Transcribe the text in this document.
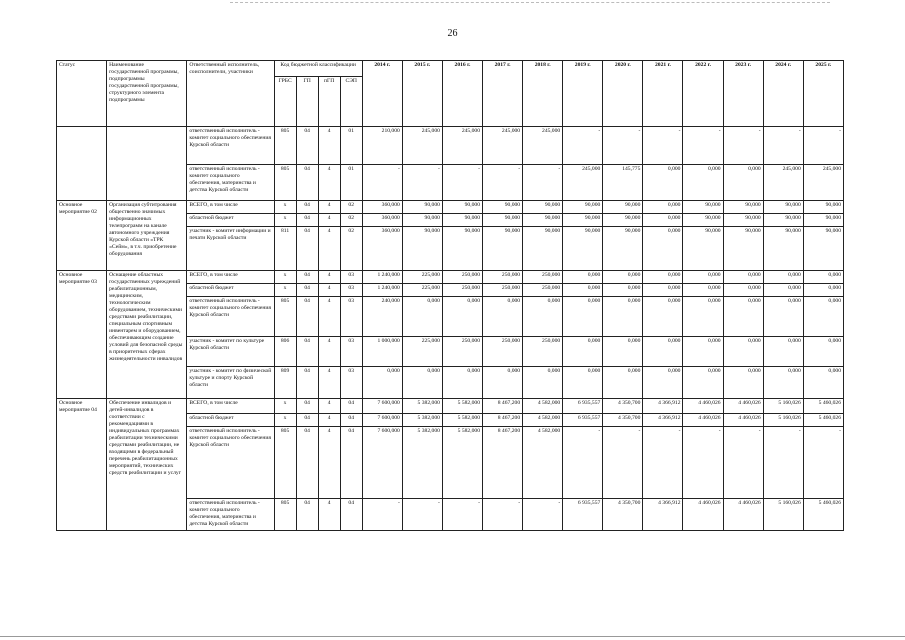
26
Статус	Наименование государственной программы, подпрограммы государственной программы, структурного элемента подпрограммы	Ответственный исполнитель, соисполнители, участники	Код бюджетной классификации				2014 г.	2015 г.	2016 г.	2017 г.	2018 г.	2019 г.	2020 г.	2021 г.	2022 г.	2023 г.	2024 г.	2025 г.
			ГРБС	ГП	пГП	СЭП												
		ответственный исполнитель - комитет социального обеспечения Курской области	805	04	4	01	210,000	245,000	245,000	245,000	245,000	-	-	-	-	-	-	-
		ответственный исполнитель - комитет социального обеспечения, материнства и детства Курской области	805	04	4	01	-	-	-	-	-	245,000	145,775	0,000	0,000	0,000	245,000	245,000
Основное мероприятие 02	Организация субтитрования общественно значимых информационных телепрограмм на канале автономного учреждения Курской области «ТРК «Сейм», в т.ч. приобретение оборудования	ВСЕГО, в том числе	х	04	4	02	360,000	90,000	90,000	90,000	90,000	90,000	90,000	0,000	90,000	90,000	90,000	90,000
		областной бюджет	х	04	4	02	360,000	90,000	90,000	90,000	90,000	90,000	90,000	0,000	90,000	90,000	90,000	90,000
		участник - комитет информации и печати Курской области	811	04	4	02	360,000	90,000	90,000	90,000	90,000	90,000	90,000	0,000	90,000	90,000	90,000	90,000
Основное мероприятие 03	Оснащение областных государственных учреждений реабилитационным, медицинским, технологическим оборудованием, техническими средствами реабилитации, специальным спортивным инвентарем и оборудованием, обеспечивающим создание условий для безопасной среды в приоритетных сферах жизнедеятельности инвалидов	ВСЕГО, в том числе	х	04	4	03	1 240,000	225,000	250,000	250,000	250,000	0,000	0,000	0,000	0,000	0,000	0,000	0,000
		областной бюджет	х	04	4	03	1 240,000	225,000	250,000	250,000	250,000	0,000	0,000	0,000	0,000	0,000	0,000	0,000
		ответственный исполнитель - комитет социального обеспечения Курской области	805	04	4	03	240,000	0,000	0,000	0,000	0,000	0,000	0,000	0,000	0,000	0,000	0,000	0,000
		участник - комитет по культуре Курской области	806	04	4	03	1 000,000	225,000	250,000	250,000	250,000	0,000	0,000	0,000	0,000	0,000	0,000	0,000
		участник - комитет по физической культуре и спорту Курской области	809	04	4	03	0,000	0,000	0,000	0,000	0,000	0,000	0,000	0,000	0,000	0,000	0,000	0,000
Основное мероприятие 04	Обеспечение инвалидов и детей-инвалидов в соответствии с рекомендациями в индивидуальных программах реабилитации техническими средствами реабилитации, не входящими в федеральный перечень реабилитационных мероприятий, технических средств реабилитации и услуг	ВСЕГО, в том числе	х	04	4	04	7 600,000	5 382,000	5 582,000	8 467,200	4 582,000	6 935,557	4 350,700	4 366,912	4 460,026	4 460,026	5 160,026	5 460,026
		областной бюджет	х	04	4	04	7 600,000	5 382,000	5 582,000	8 467,200	4 582,000	6 935,557	4 350,700	4 366,912	4 460,026	4 460,026	5 160,026	5 460,026
		ответственный исполнитель - комитет социального обеспечения Курской области	805	04	4	04	7 600,000	5 382,000	5 582,000	8 467,200	4 582,000	-	-	-	-	-	-	-
		ответственный исполнитель - комитет социального обеспечения, материнства и детства Курской области	805	04	4	04	-	-	-	-	-	6 935,557	4 350,700	4 366,912	4 460,026	4 460,026	5 160,026	5 460,026
